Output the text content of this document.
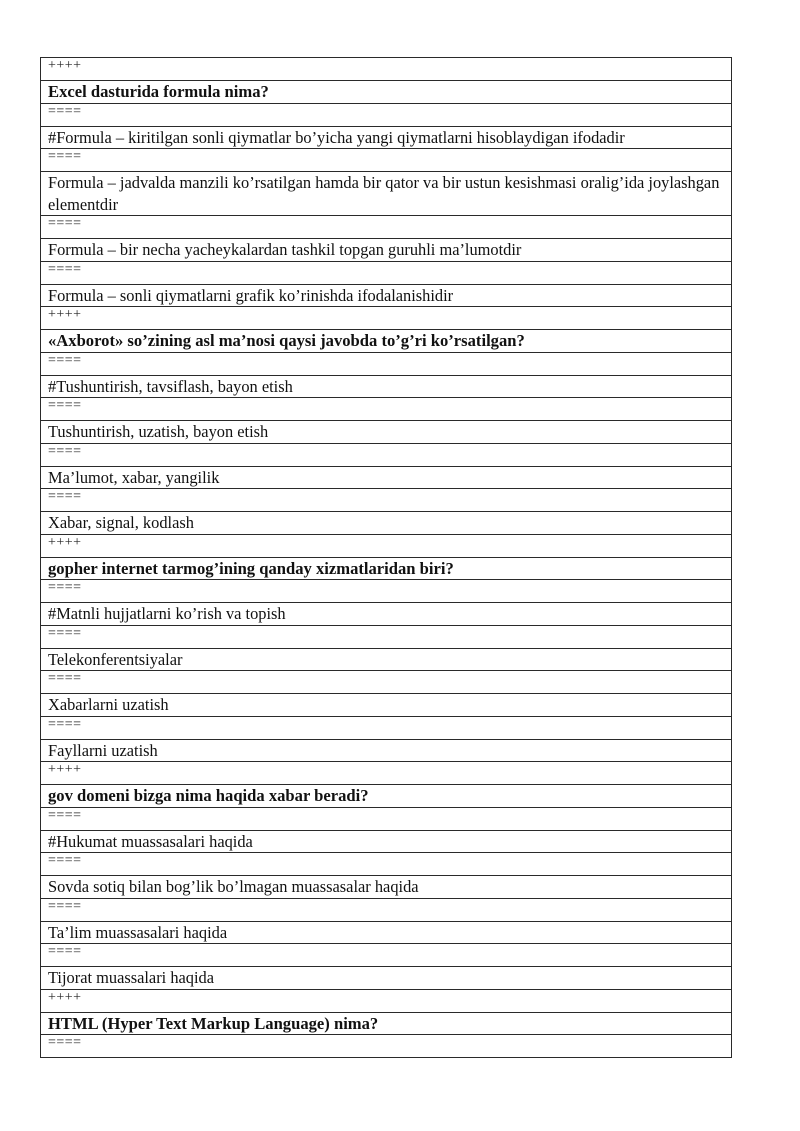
++++
Excel dasturida formula nima?
====
#Formula – kiritilgan sonli qiymatlar bo’yicha yangi qiymatlarni hisoblaydigan ifodadir
====
Formula – jadvalda manzili ko’rsatilgan hamda bir qator va bir ustun kesishmasi oralig’ida joylashgan elementdir
====
Formula – bir necha yacheykalardan tashkil topgan guruhli ma’lumotdir
====
Formula – sonli qiymatlarni grafik ko’rinishda ifodalanishidir
++++
«Axborot» so’zining asl ma’nosi qaysi javobda to’g’ri ko’rsatilgan?
====
#Tushuntirish, tavsiflash, bayon etish
====
Tushuntirish, uzatish, bayon etish
====
Ma’lumot, xabar, yangilik
====
Xabar, signal, kodlash
++++
gopher internet tarmog’ining qanday xizmatlaridan biri?
====
#Matnli hujjatlarni ko’rish va topish
====
Telekonferentsiyalar
====
Xabarlarni uzatish
====
Fayllarni uzatish
++++
gov domeni bizga nima haqida xabar beradi?
====
#Hukumat muassasalari haqida
====
Sovda sotiq bilan bog’lik bo’lmagan muassasalar haqida
====
Ta’lim muassasalari haqida
====
Tijorat muassalari haqida
++++
HTML (Hyper Text Markup Language) nima?
====
